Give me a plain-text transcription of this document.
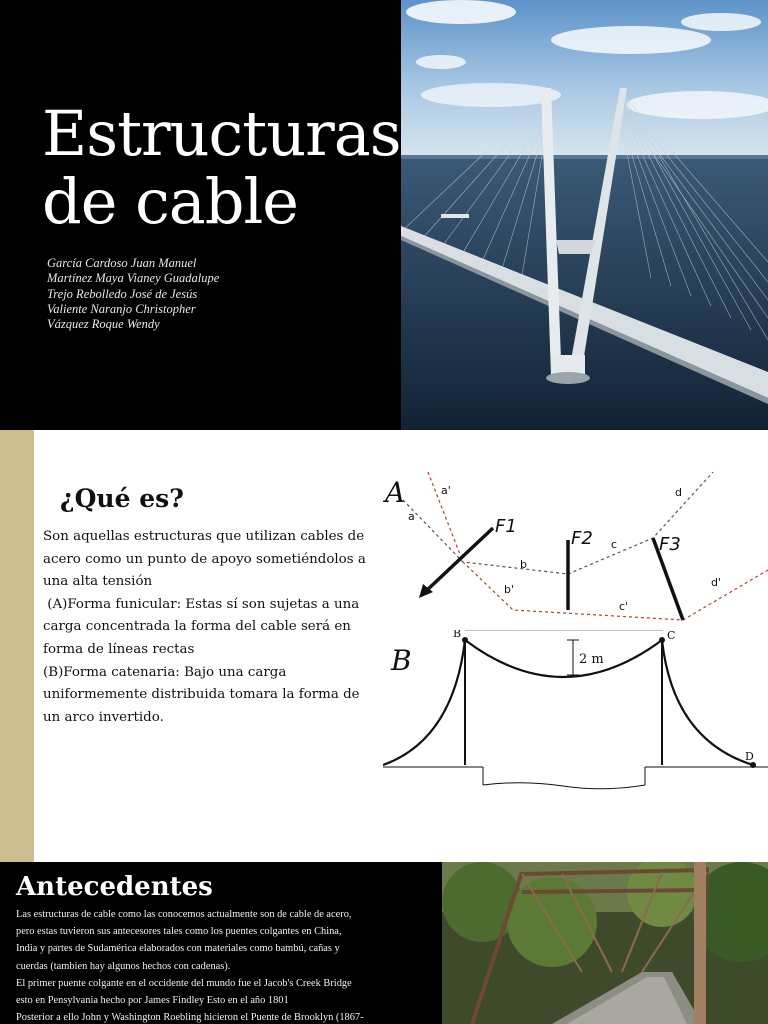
Estructuras
de cable
García Cardoso Juan Manuel
Martínez Maya Vianey Guadalupe
Trejo Rebolledo José de Jesús
Valiente Naranjo Christopher
Vázquez Roque Wendy
¿Qué es?

Son aquellas estructuras que utilizan cables de

acero como un punto de apoyo sometiéndolos a

una alta tensión

(A)Forma funicular: Estas sí son sujetas a una

carga concentrada la forma del cable será en

forma de líneas rectas

(B)Forma catenaria: Bajo una carga

uniformemente distribuida tomara la forma de

un arco invertido.

A
F1
F2	F3
a
a'
b
b'
c
c'
d
d'
B	2 m
B	C
D
Antecedentes
Las estructuras de cable como las conocemos actualmente son de cable de acero,
pero estas tuvieron sus antecesores tales como los puentes colgantes en China,
India y partes de Sudamérica elaborados con materiales como bambú, cañas y
cuerdas (tambien hay algunos hechos con cadenas).
El primer puente colgante en el occidente del mundo fue el Jacob's Creek Bridge
esto en Pensylvania hecho por James Findley Esto en el año 1801
Posterior a ello John y Washington Roebling hicieron el Puente de Brooklyn (1867-
